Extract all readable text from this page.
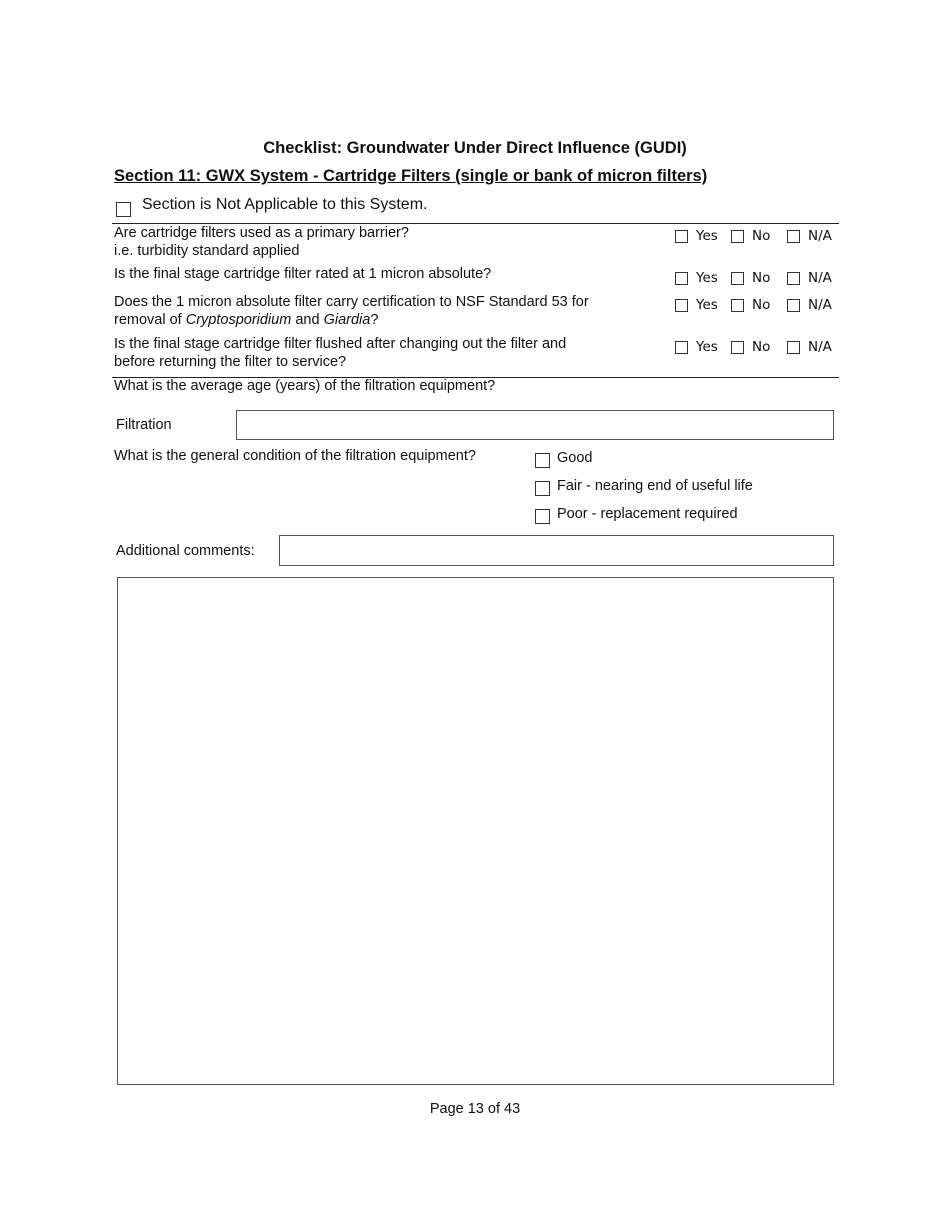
Checklist: Groundwater Under Direct Influence (GUDI)
Section 11: GWX System - Cartridge Filters (single or bank of micron filters)
Section is Not Applicable to this System.
Are cartridge filters used as a primary barrier?
i.e. turbidity standard applied
Yes	No	N/A
Is the final stage cartridge filter rated at 1 micron absolute?	Yes	No	N/A
Does the 1 micron absolute filter carry certification to NSF Standard 53 for
removal of Cryptosporidium and Giardia?
Yes	No	N/A
Is the final stage cartridge filter flushed after changing out the filter and
before returning the filter to service?
Yes	No	N/A
What is the average age (years) of the filtration equipment?
Filtration
What is the general condition of the filtration equipment?	Good
Fair - nearing end of useful life
Poor - replacement required
Additional comments:
Page 13 of 43
